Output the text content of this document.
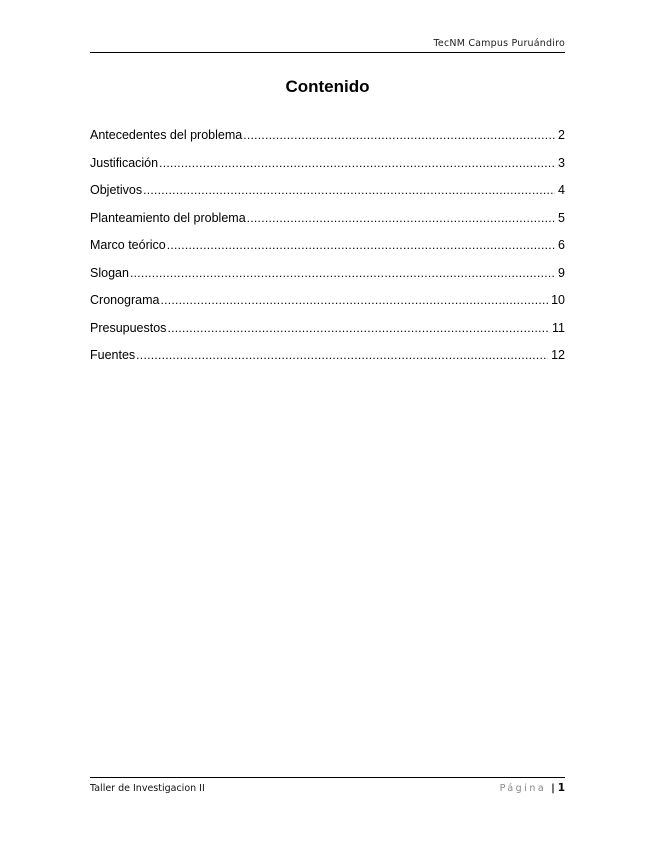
TecNM Campus Puruándiro
Contenido
Antecedentes del problema .....	2
Justificación .....	3
Objetivos .....	4
Planteamiento del problema .....	5
Marco teórico .....	6
Slogan .....	9
Cronograma .....	10
Presupuestos .....	11
Fuentes .....	12
Taller de Investigacion II	Página | 1
